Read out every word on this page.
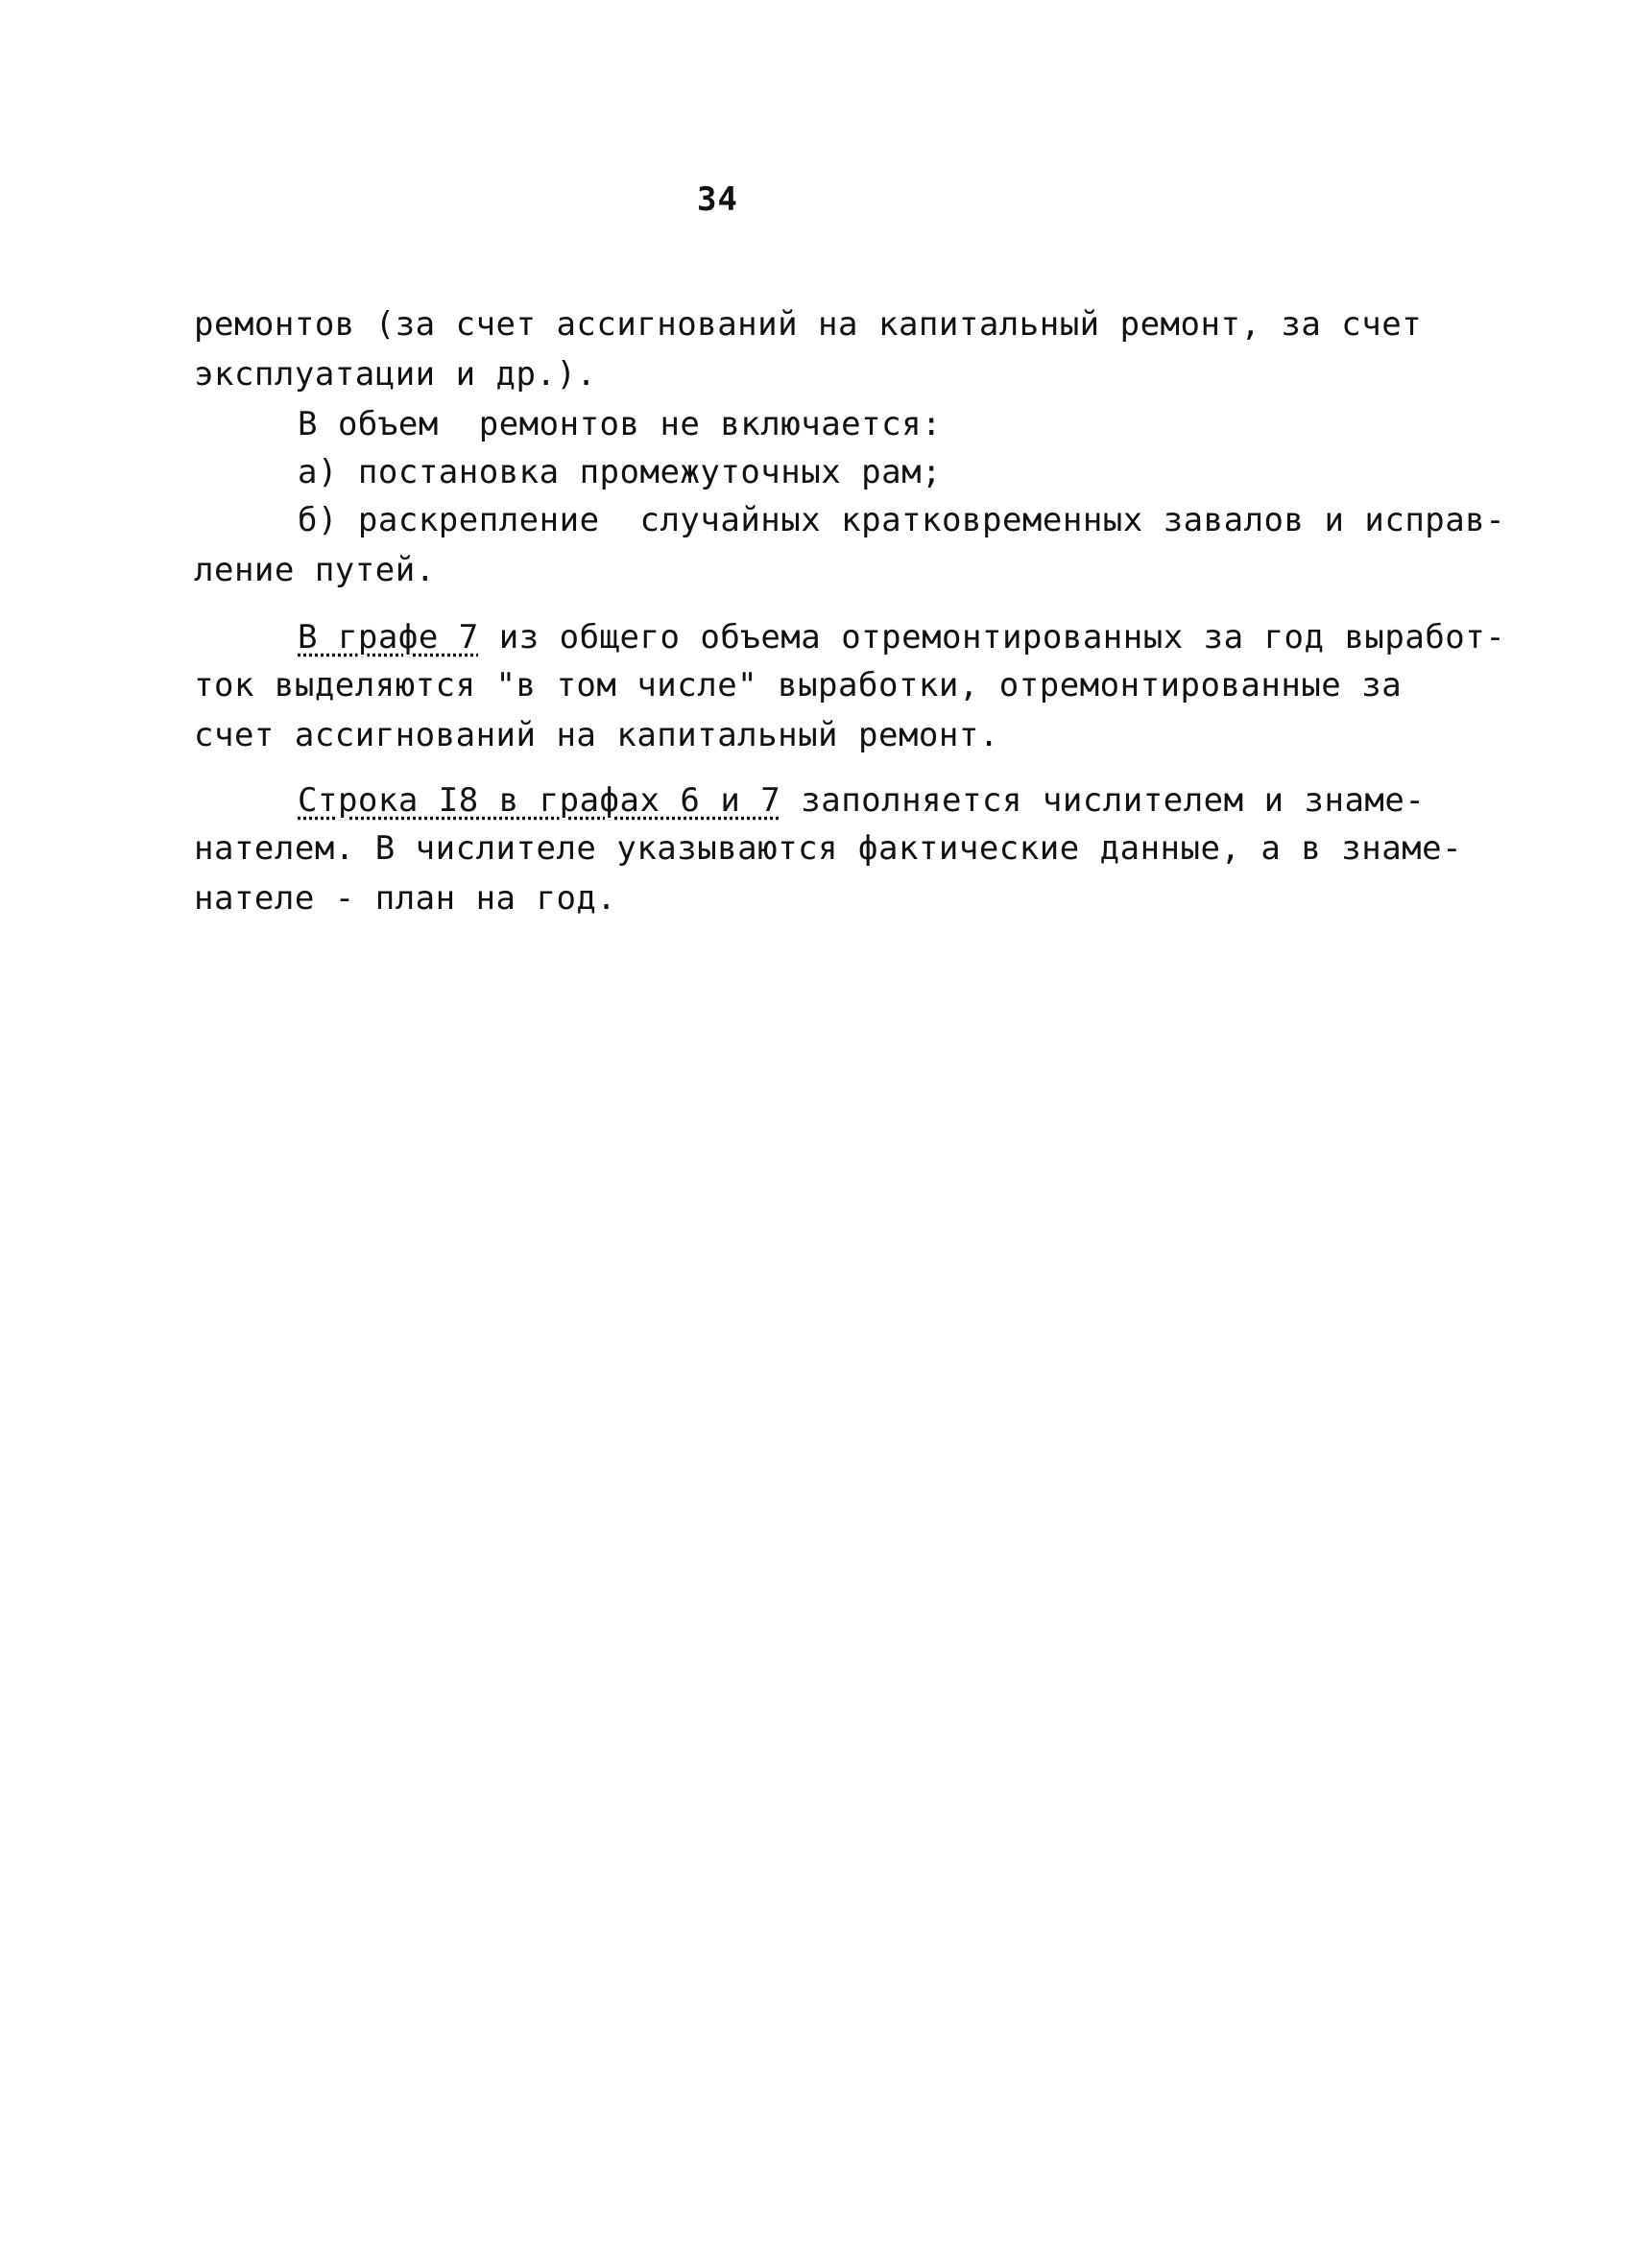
34
ремонтов (за счет ассигнований на капитальный ремонт, за счет
эксплуатации и др.).
В объем  ремонтов не включается:
а) постановка промежуточных рам;
б) раскрепление  случайных кратковременных завалов и исправ-
ление путей.
В графе 7 из общего объема отремонтированных за год выработ-
ток выделяются "в том числе" выработки, отремонтированные за
счет ассигнований на капитальный ремонт.
Строка I8 в графах 6 и 7 заполняется числителем и знаме-
нателем. В числителе указываются фактические данные, а в знаме-
нателе - план на год.
